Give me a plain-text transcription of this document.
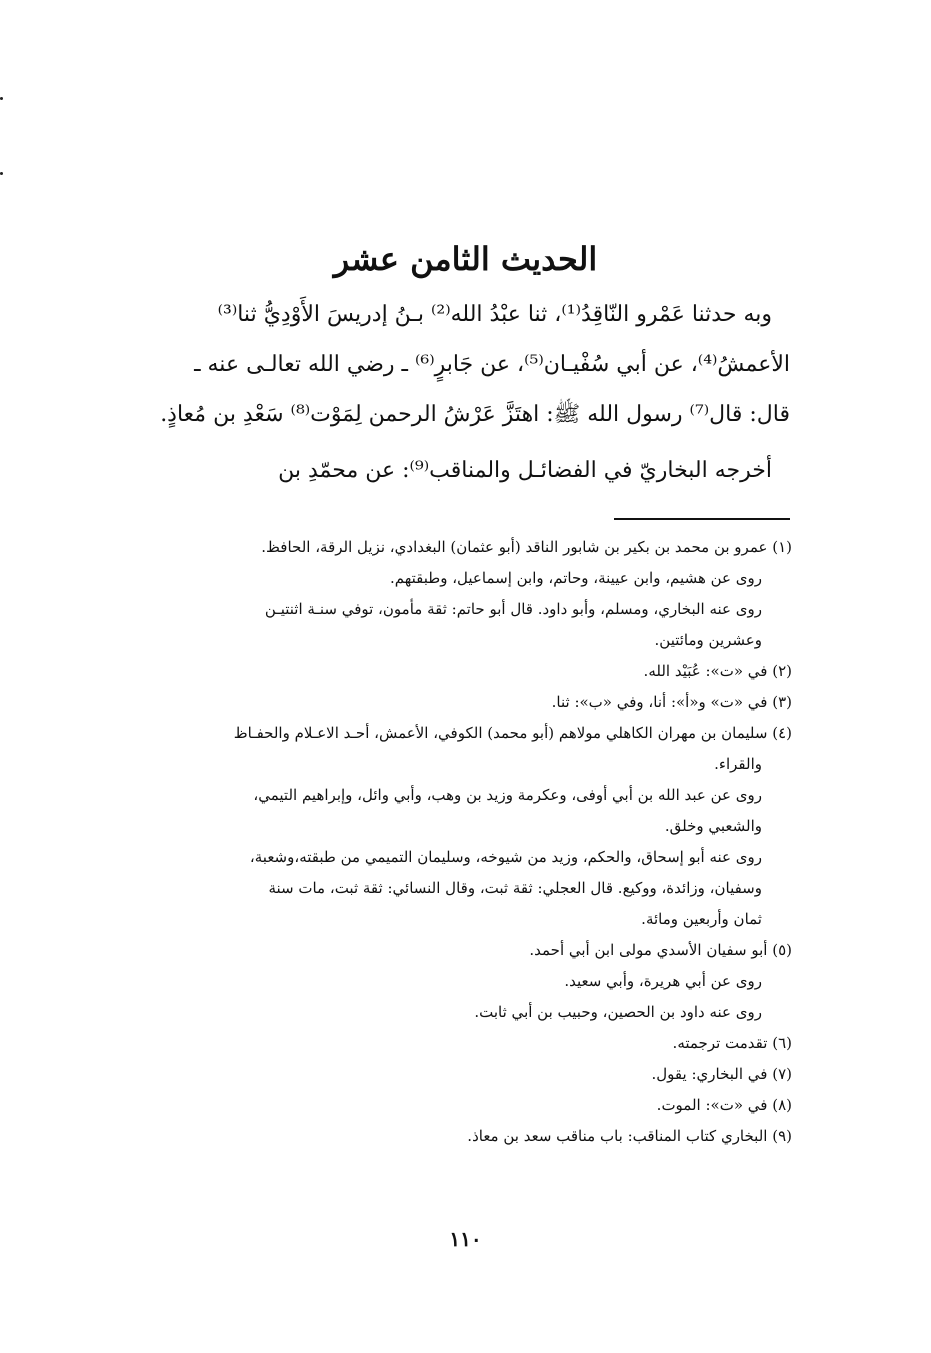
الحديث الثامن عشر

وبه حدثنا عَمْرو النّاقِدُ⁽¹⁾، ثنا عبْدُ الله⁽²⁾ بـنُ إدريسَ الأَوْدِيُّ ثنا⁽³⁾

الأعمشُ⁽⁴⁾، عن أبي سُفْيـان⁽⁵⁾، عن جَابرٍ⁽⁶⁾ ـ رضي الله تعالـى عنه ـ

قال: قال⁽⁷⁾ رسول الله ﷺ: اهتَزَّ عَرْشُ الرحمن لِمَوْت⁽⁸⁾ سَعْدِ بن مُعاذٍ.

أخرجه البخاريّ في الفضائـل والمناقب⁽⁹⁾: عن محمّدِ بن

(١) عمرو بن محمد بن بكير بن شابور الناقد (أبو عثمان) البغدادي، نزيل الرقة، الحافظ.

روى عن هشيم، وابن عيينة، وحاتم، وابن إسماعيل، وطبقتهم.

روى عنه البخاري، ومسلم، وأبو داود. قال أبو حاتم: ثقة مأمون، توفي سنـة اثنتيـن

وعشرين ومائتين.

(٢) في «ت»: عُبَيْد الله.

(٣) في «ت» و«أ»: أنا، وفي «ب»: ثنا.

(٤) سليمان بن مهران الكاهلي مولاهم (أبو محمد) الكوفي، الأعمش، أحـد الاعـلام والحفـاظ

والقراء.

روى عن عبد الله بن أبي أوفى، وعكرمة وزيد بن وهب، وأبي وائل، وإبراهيم التيمي،

والشعبي وخلق.

روى عنه أبو إسحاق، والحكم، وزيد من شيوخه، وسليمان التميمي من طبقته،وشعبة،

وسفيان، وزائدة، ووكيع. قال العجلي: ثقة ثبت، وقال النسائي: ثقة ثبت، مات سنة

ثمان وأربعين ومائة.

(٥) أبو سفيان الأسدي مولى ابن أبي أحمد.

روى عن أبي هريرة، وأبي سعيد.

روى عنه داود بن الحصين، وحبيب بن أبي ثابت.

(٦) تقدمت ترجمته.

(٧) في البخاري: يقول.

(٨) في «ت»: الموت.

(٩) البخاري كتاب المناقب: باب مناقب سعد بن معاذ.

١١٠
